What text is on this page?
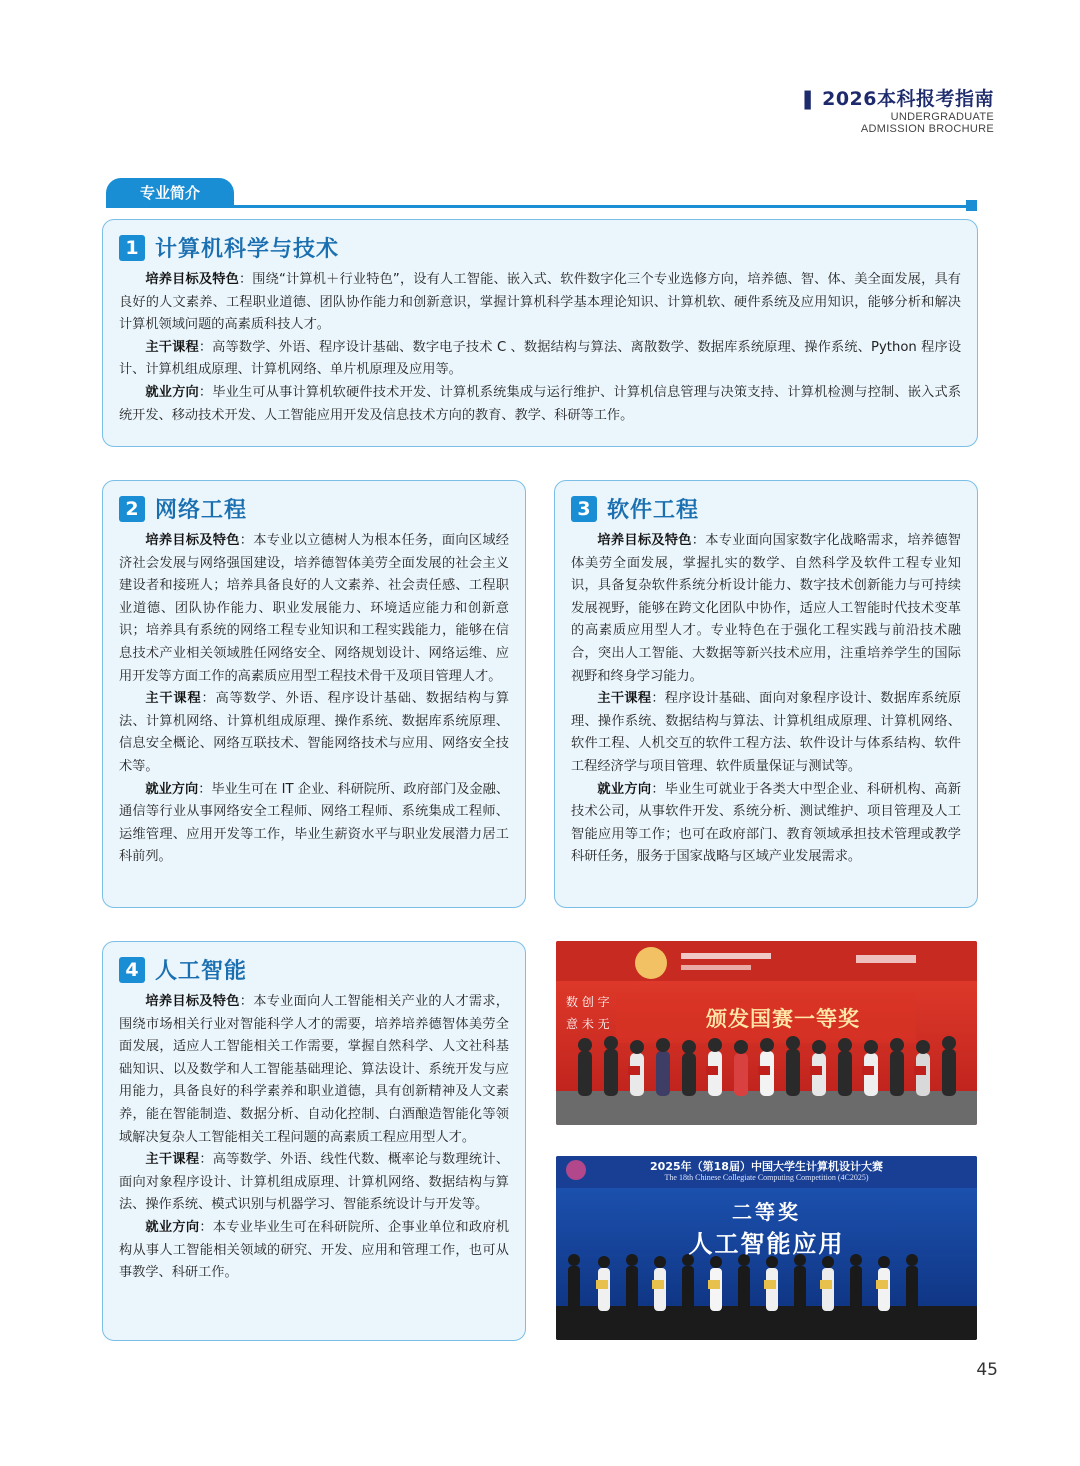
❚ 2026本科报考指南
UNDERGRADUATE
ADMISSION BROCHURE
专业简介
1 计算机科学与技术

培养目标及特色：围绕“计算机＋行业特色”，设有人工智能、嵌入式、软件数字化三个专业选修方向，培养德、智、体、美全面发展，具有良好的人文素养、工程职业道德、团队协作能力和创新意识，掌握计算机科学基本理论知识、计算机软、硬件系统及应用知识，能够分析和解决计算机领域问题的高素质科技人才。

主干课程：高等数学、外语、程序设计基础、数字电子技术 C 、数据结构与算法、离散数学、数据库系统原理、操作系统、Python 程序设计、计算机组成原理、计算机网络、单片机原理及应用等。

就业方向：毕业生可从事计算机软硬件技术开发、计算机系统集成与运行维护、计算机信息管理与决策支持、计算机检测与控制、嵌入式系统开发、移动技术开发、人工智能应用开发及信息技术方向的教育、教学、科研等工作。

2 网络工程

培养目标及特色：本专业以立德树人为根本任务，面向区域经济社会发展与网络强国建设，培养德智体美劳全面发展的社会主义建设者和接班人；培养具备良好的人文素养、社会责任感、工程职业道德、团队协作能力、职业发展能力、环境适应能力和创新意识；培养具有系统的网络工程专业知识和工程实践能力，能够在信息技术产业相关领域胜任网络安全、网络规划设计、网络运维、应用开发等方面工作的高素质应用型工程技术骨干及项目管理人才。

主干课程：高等数学、外语、程序设计基础、数据结构与算法、计算机网络、计算机组成原理、操作系统、数据库系统原理、信息安全概论、网络互联技术、智能网络技术与应用、网络安全技术等。

就业方向：毕业生可在 IT 企业、科研院所、政府部门及金融、通信等行业从事网络安全工程师、网络工程师、系统集成工程师、运维管理、应用开发等工作，毕业生薪资水平与职业发展潜力居工科前列。

3 软件工程

培养目标及特色：本专业面向国家数字化战略需求，培养德智体美劳全面发展，掌握扎实的数学、自然科学及软件工程专业知识，具备复杂软件系统分析设计能力、数字技术创新能力与可持续发展视野，能够在跨文化团队中协作，适应人工智能时代技术变革的高素质应用型人才。专业特色在于强化工程实践与前沿技术融合，突出人工智能、大数据等新兴技术应用，注重培养学生的国际视野和终身学习能力。

主干课程：程序设计基础、面向对象程序设计、数据库系统原理、操作系统、数据结构与算法、计算机组成原理、计算机网络、软件工程、人机交互的软件工程方法、软件设计与体系结构、软件工程经济学与项目管理、软件质量保证与测试等。

就业方向：毕业生可就业于各类大中型企业、科研机构、高新技术公司，从事软件开发、系统分析、测试维护、项目管理及人工智能应用等工作；也可在政府部门、教育领域承担技术管理或教学科研任务，服务于国家战略与区域产业发展需求。

4 人工智能

培养目标及特色：本专业面向人工智能相关产业的人才需求，围绕市场相关行业对智能科学人才的需要，培养培养德智体美劳全面发展，适应人工智能相关工作需要，掌握自然科学、人文社科基础知识、以及数学和人工智能基础理论、算法设计、系统开发与应用能力，具备良好的科学素养和职业道德，具有创新精神及人文素养，能在智能制造、数据分析、自动化控制、白酒酿造智能化等领域解决复杂人工智能相关工程问题的高素质工程应用型人才。

主干课程：高等数学、外语、线性代数、概率论与数理统计、面向对象程序设计、计算机组成原理、计算机网络、数据结构与算法、操作系统、模式识别与机器学习、智能系统设计与开发等。

就业方向：本专业毕业生可在科研院所、企事业单位和政府机构从事人工智能相关领域的研究、开发、应用和管理工作，也可从事教学、科研工作。

颁发国赛一等奖
数 创 字 意 未 无
2025年（第18届）中国大学生计算机设计大赛
The 18th Chinese Collegiate Computing Competition (4C2025)
二等奖
人工智能应用
45
